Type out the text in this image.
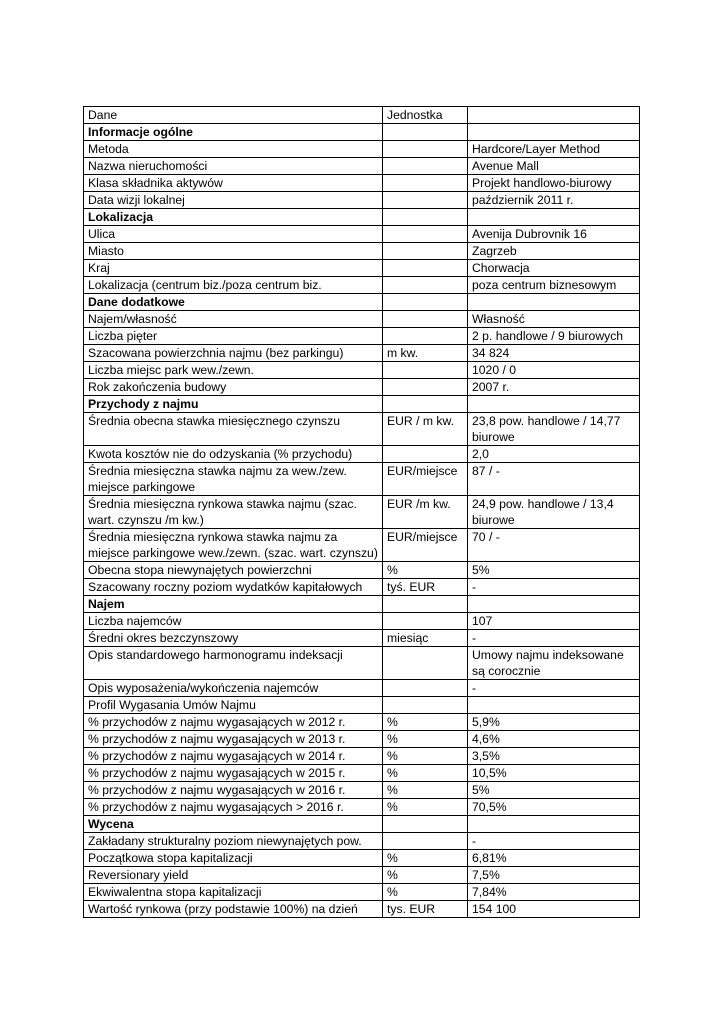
Dane	Jednostka	
Informacje ogólne		
Metoda		Hardcore/Layer Method
Nazwa nieruchomości		Avenue Mall
Klasa składnika aktywów		Projekt handlowo-biurowy
Data wizji lokalnej		październik 2011 r.
Lokalizacja		
Ulica		Avenija Dubrovnik 16
Miasto		Zagrzeb
Kraj		Chorwacja
Lokalizacja (centrum biz./poza centrum biz.		poza centrum biznesowym
Dane dodatkowe		
Najem/własność		Własność
Liczba pięter		2 p. handlowe / 9 biurowych
Szacowana powierzchnia najmu (bez parkingu)	m kw.	34 824
Liczba miejsc park wew./zewn.		1020 / 0
Rok zakończenia budowy		2007 r.
Przychody z najmu		
Średnia obecna stawka miesięcznego czynszu	EUR / m kw.	23,8 pow. handlowe / 14,77 biurowe
Kwota kosztów nie do odzyskania (% przychodu)		2,0
Średnia miesięczna stawka najmu za wew./zew. miejsce parkingowe	EUR/miejsce	87 / -
Średnia miesięczna rynkowa stawka najmu (szac. wart. czynszu /m kw.)	EUR /m kw.	24,9 pow. handlowe / 13,4 biurowe
Średnia miesięczna rynkowa stawka najmu za miejsce parkingowe wew./zewn. (szac. wart. czynszu)	EUR/miejsce	70 / -
Obecna stopa niewynajętych powierzchni	%	5%
Szacowany roczny poziom wydatków kapitałowych	tyś. EUR	-
Najem		
Liczba najemców		107
Średni okres bezczynszowy	miesiąc	-
Opis standardowego harmonogramu indeksacji		Umowy najmu indeksowane są corocznie
Opis wyposażenia/wykończenia najemców		-
Profil Wygasania Umów Najmu		
% przychodów z najmu wygasających w 2012 r.	%	5,9%
% przychodów z najmu wygasających w 2013 r.	%	4,6%
% przychodów z najmu wygasających w 2014 r.	%	3,5%
% przychodów z najmu wygasających w 2015 r.	%	10,5%
% przychodów z najmu wygasających w 2016 r.	%	5%
% przychodów z najmu wygasających > 2016 r.	%	70,5%
Wycena		
Zakładany strukturalny poziom niewynajętych pow.		-
Początkowa stopa kapitalizacji	%	6,81%
Reversionary yield	%	7,5%
Ekwiwalentna stopa kapitalizacji	%	7,84%
Wartość rynkowa (przy podstawie 100%) na dzień	tys. EUR	154 100
